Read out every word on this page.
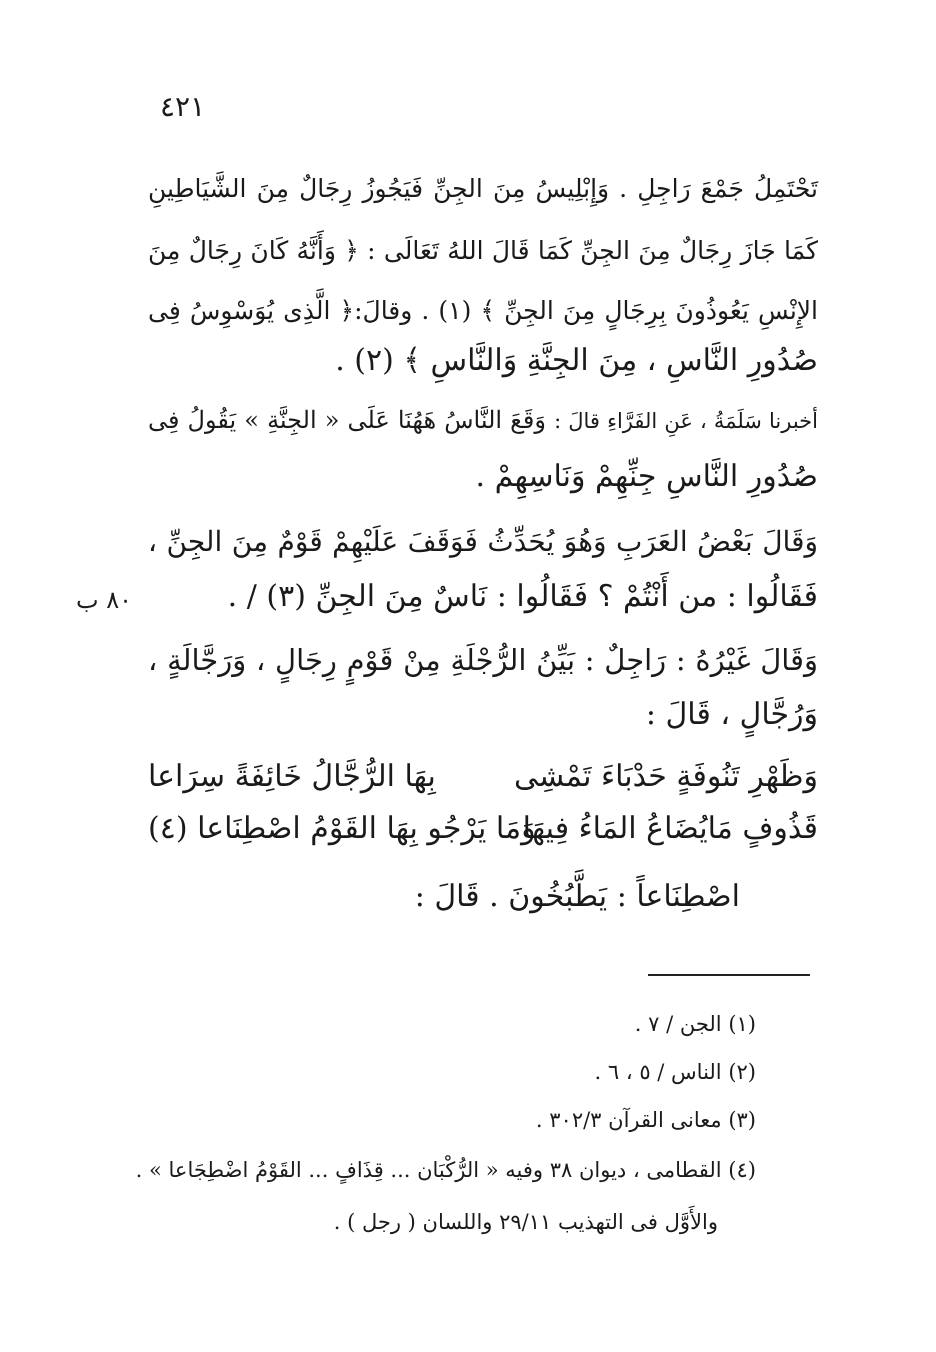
٤٢١
تَحْتَمِلُ جَمْعَ رَاجِلِ . وَإِبْلِيسُ مِنَ الجِنِّ فَيَجُوزُ رِجَالٌ مِنَ الشَّيَاطِينِ
كَمَا جَازَ رِجَالٌ مِنَ الجِنِّ كَمَا قَالَ اللهُ تَعَالَى : ﴿ وَأَنَّهُ كَانَ رِجَالٌ مِنَ
الإِنْسِ يَعُوذُونَ بِرِجَالٍ مِنَ الجِنِّ ﴾ (١) . وقالَ:﴿ الَّذِى يُوَسْوِسُ فِى
صُدُورِ النَّاسِ ، مِنَ الجِنَّةِ وَالنَّاسِ ﴾ (٢) .
أخبرنا سَلَمَةُ ، عَنِ الفَرَّاءِ قالَ : وَقَعَ النَّاسُ هَهُنَا عَلَى « الجِنَّةِ » يَقُولُ فِى
صُدُورِ النَّاسِ جِنِّهِمْ وَنَاسِهِمْ .
وَقَالَ بَعْضُ العَرَبِ وَهُوَ يُحَدِّثُ فَوَقَفَ عَلَيْهِمْ قَوْمٌ مِنَ الجِنِّ ،
فَقَالُوا : من أَنْتُمْ ؟ فَقَالُوا : نَاسٌ مِنَ الجِنِّ (٣) / .
٨٠ ب
وَقَالَ غَيْرُهُ : رَاجِلٌ : بَيِّنُ الرُّجْلَةِ مِنْ قَوْمٍ رِجَالٍ ، وَرَجَّالَةٍ ،
وَرُجَّالٍ ، قَالَ :
وَظَهْرِ تَنُوفَةٍ حَدْبَاءَ تَمْشِى
بِهَا الرُّجَّالُ خَائِفَةً سِرَاعا
قَذُوفٍ مَايُضَاعُ المَاءُ فِيهَا
وَمَا يَرْجُو بِهَا القَوْمُ اصْطِنَاعا (٤)
اصْطِنَاعاً : يَطَّبُخُونَ . قَالَ :
(١) الجن / ٧ .
(٢) الناس / ٥ ، ٦ .
(٣) معانى القرآن ٣٠٢/٣ .
(٤) القطامى ، ديوان ٣٨ وفيه « الرُّكْبَان ... قِذَافٍ ... القَوْمُ اضْطِجَاعا » .
والأَوَّل فى التهذيب ٢٩/١١ واللسان ( رجل ) .
